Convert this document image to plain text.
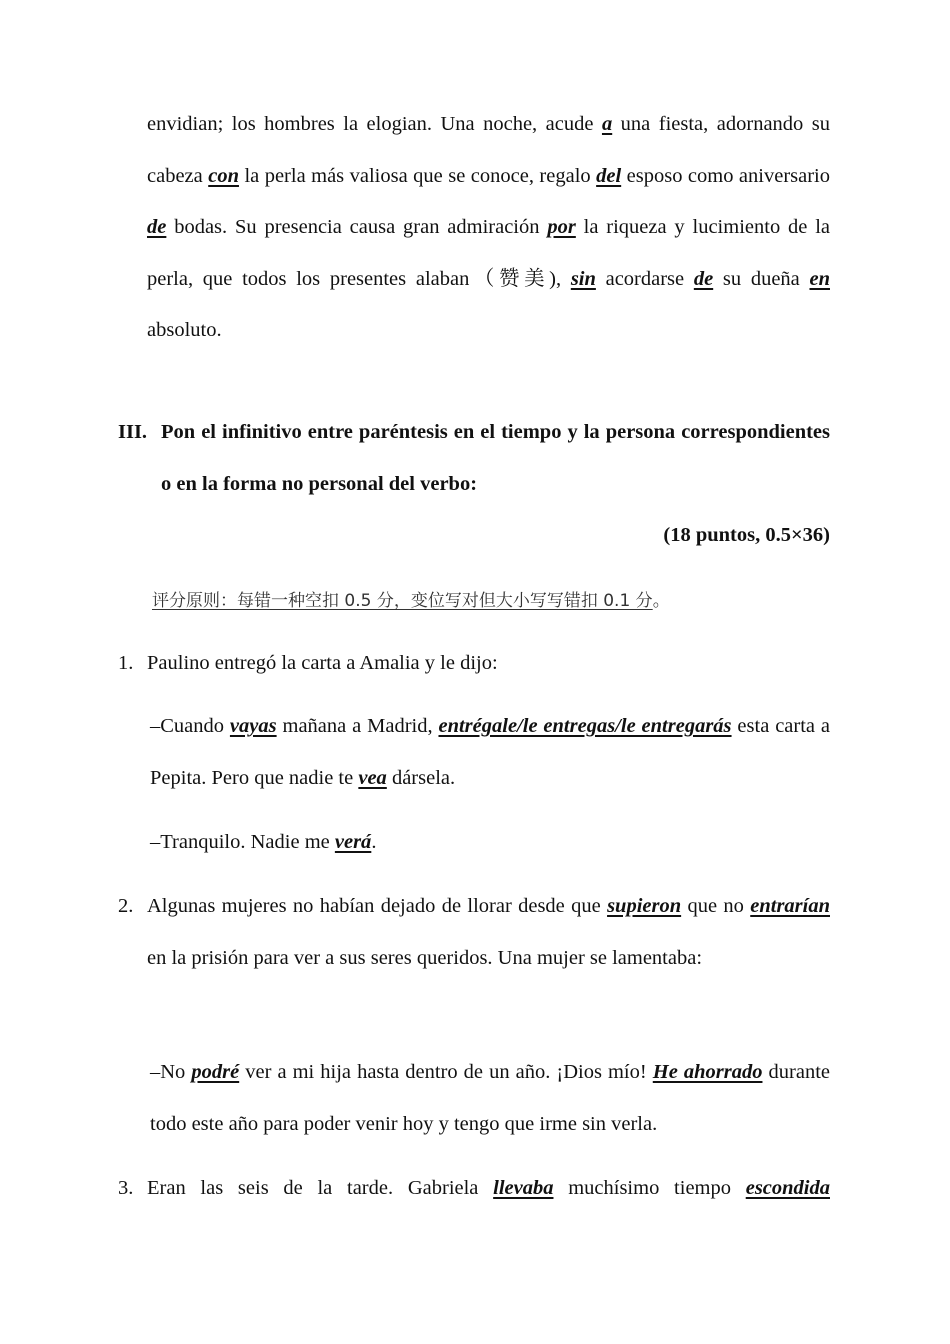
envidian; los hombres la elogian. Una noche, acude a una fiesta, adornando su cabeza con la perla más valiosa que se conoce, regalo del esposo como aniversario de bodas. Su presencia causa gran admiración por la riqueza y lucimiento de la perla, que todos los presentes alaban（赞美), sin acordarse de su dueña en absoluto.

III. Pon el infinitivo entre paréntesis en el tiempo y la persona correspondientes o en la forma no personal del verbo:
(18 puntos, 0.5×36)
评分原则：每错一种空扣 0.5 分，变位写对但大小写写错扣 0.1 分。
1. Paulino entregó la carta a Amalia y le dijo:

–Cuando vayas mañana a Madrid, entrégale/le entregas/le entregarás esta carta a Pepita. Pero que nadie te vea dársela.

–Tranquilo. Nadie me verá.

2. Algunas mujeres no habían dejado de llorar desde que supieron que no entrarían en la prisión para ver a sus seres queridos. Una mujer se lamentaba:

–No podré ver a mi hija hasta dentro de un año. ¡Dios mío! He ahorrado durante todo este año para poder venir hoy y tengo que irme sin verla.

3. Eran las seis de la tarde. Gabriela llevaba muchísimo tiempo escondida
